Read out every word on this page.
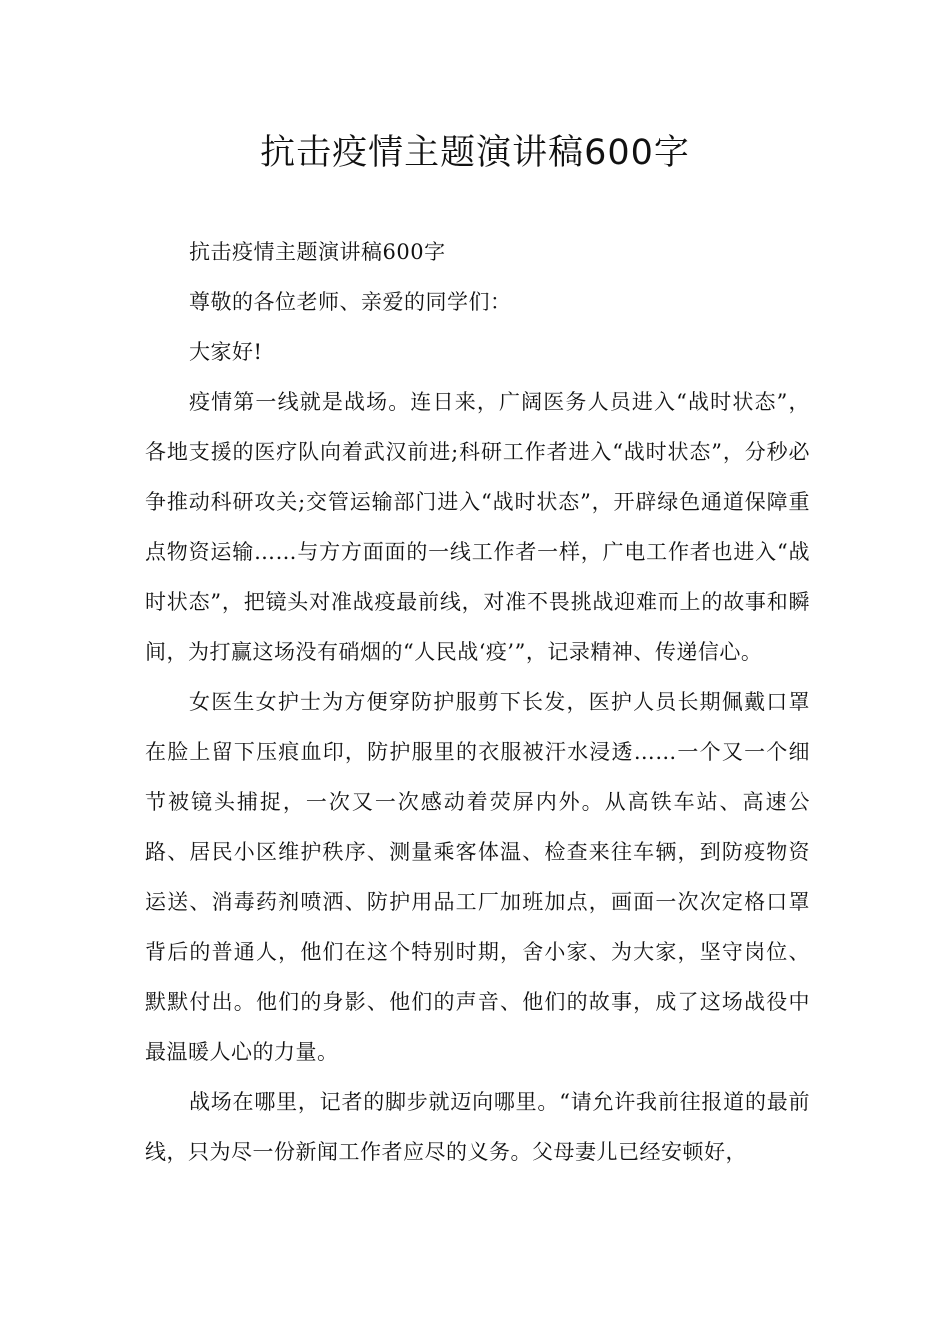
抗击疫情主题演讲稿600字

抗击疫情主题演讲稿600字

尊敬的各位老师、亲爱的同学们：

大家好!

疫情第一线就是战场。连日来，广阔医务人员进入“战时状态”，各地支援的医疗队向着武汉前进;科研工作者进入“战时状态”，分秒必争推动科研攻关;交管运输部门进入“战时状态”，开辟绿色通道保障重点物资运输……与方方面面的一线工作者一样，广电工作者也进入“战时状态”，把镜头对准战疫最前线，对准不畏挑战迎难而上的故事和瞬间，为打赢这场没有硝烟的“人民战‘疫’”，记录精神、传递信心。

女医生女护士为方便穿防护服剪下长发，医护人员长期佩戴口罩在脸上留下压痕血印，防护服里的衣服被汗水浸透……一个又一个细节被镜头捕捉，一次又一次感动着荧屏内外。从高铁车站、高速公路、居民小区维护秩序、测量乘客体温、检查来往车辆，到防疫物资运送、消毒药剂喷洒、防护用品工厂加班加点，画面一次次定格口罩背后的普通人，他们在这个特别时期，舍小家、为大家，坚守岗位、默默付出。他们的身影、他们的声音、他们的故事，成了这场战役中最温暖人心的力量。

战场在哪里，记者的脚步就迈向哪里。“请允许我前往报道的最前线，只为尽一份新闻工作者应尽的义务。父母妻儿已经安顿好，
